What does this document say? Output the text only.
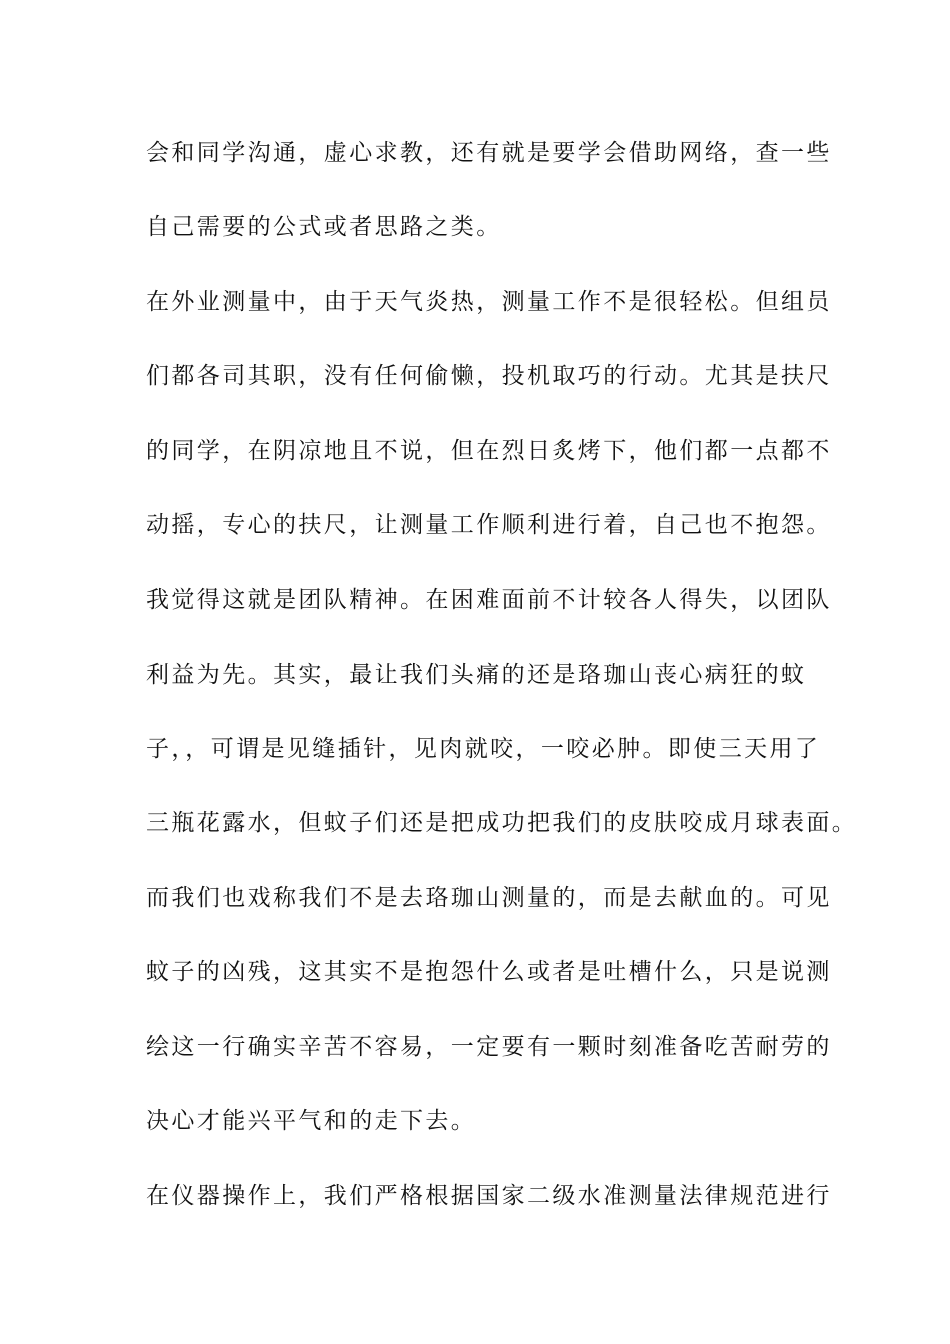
会和同学沟通，虚心求教，还有就是要学会借助网络，查一些
自己需要的公式或者思路之类。
在外业测量中，由于天气炎热，测量工作不是很轻松。但组员
们都各司其职，没有任何偷懒，投机取巧的行动。尤其是扶尺
的同学，在阴凉地且不说，但在烈日炙烤下，他们都一点都不
动摇，专心的扶尺，让测量工作顺利进行着，自己也不抱怨。
我觉得这就是团队精神。在困难面前不计较各人得失，以团队
利益为先。其实，最让我们头痛的还是珞珈山丧心病狂的蚊
子，，可谓是见缝插针，见肉就咬，一咬必肿。即使三天用了
三瓶花露水，但蚊子们还是把成功把我们的皮肤咬成月球表面。
而我们也戏称我们不是去珞珈山测量的，而是去献血的。可见
蚊子的凶残，这其实不是抱怨什么或者是吐槽什么，只是说测
绘这一行确实辛苦不容易，一定要有一颗时刻准备吃苦耐劳的
决心才能兴平气和的走下去。
在仪器操作上，我们严格根据国家二级水准测量法律规范进行
